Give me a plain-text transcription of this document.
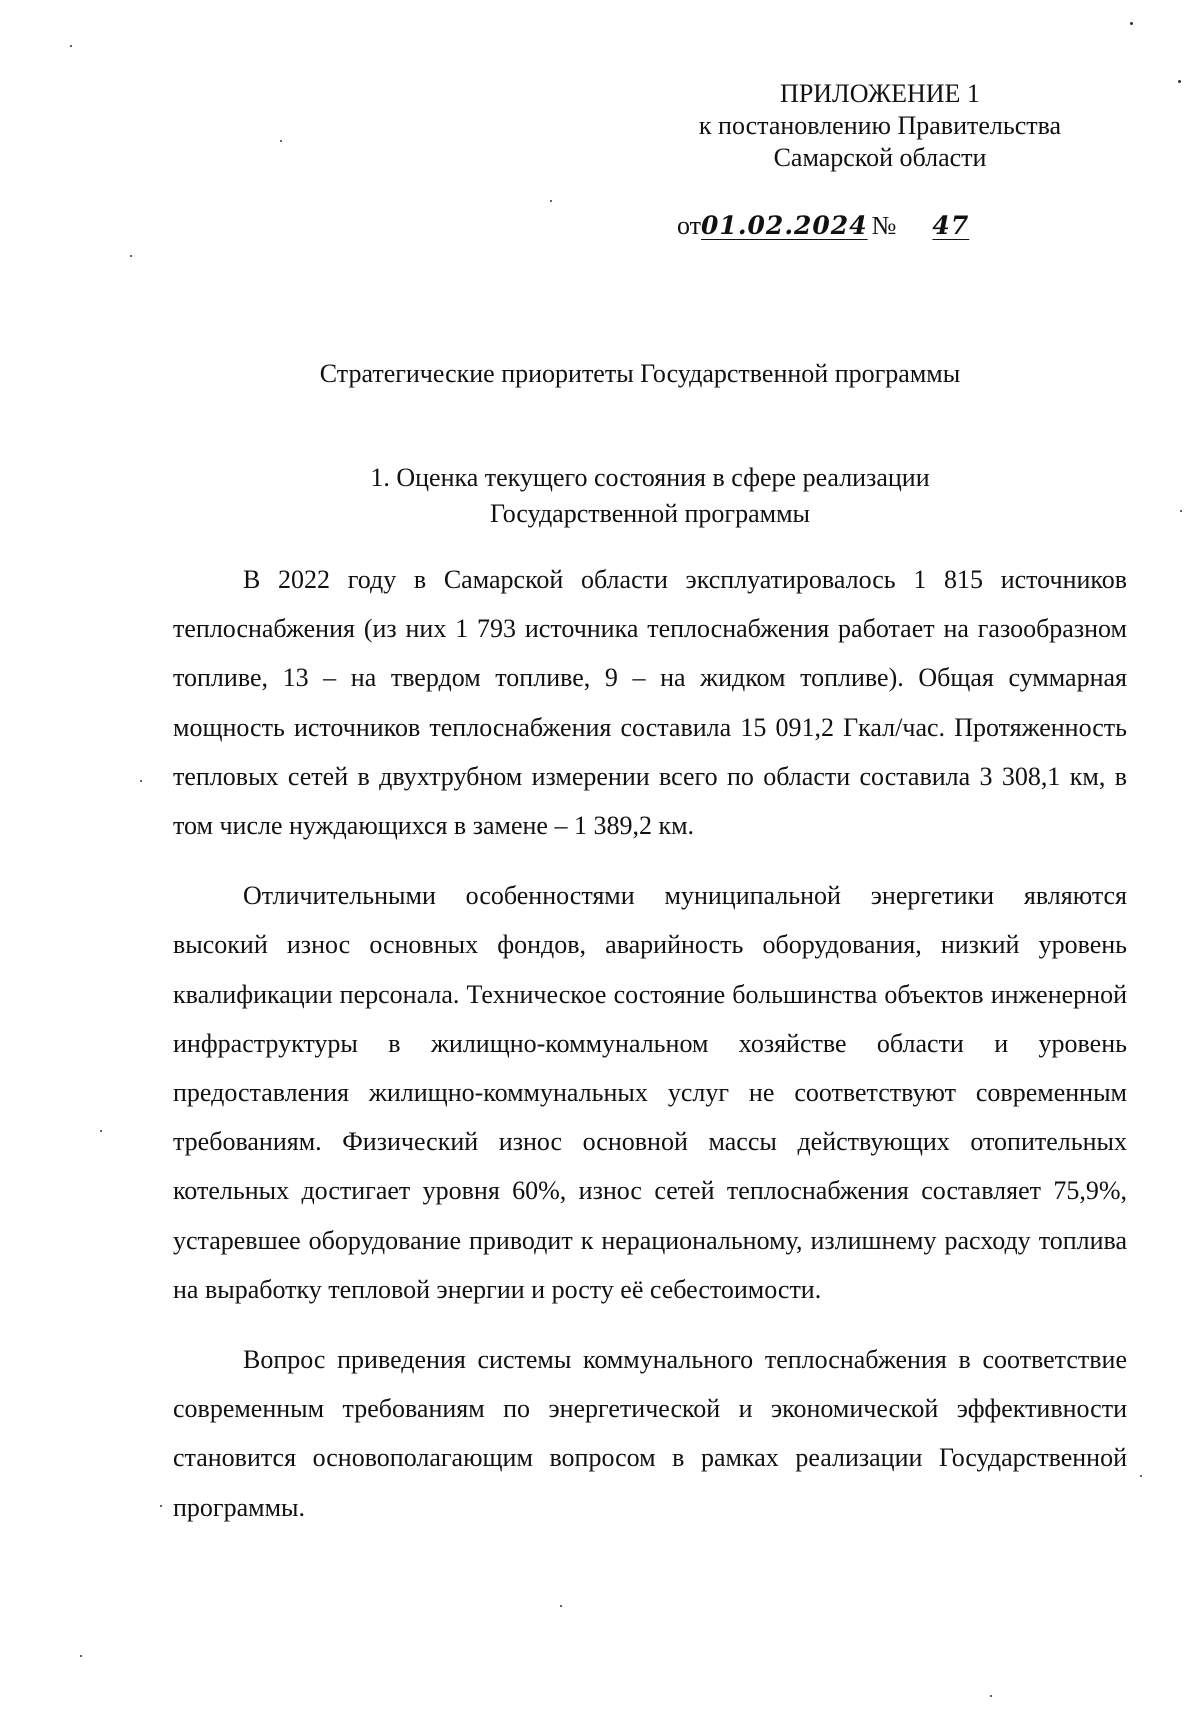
ПРИЛОЖЕНИЕ 1
к постановлению Правительства
Самарской области
от01.02.2024 № 47
Стратегические приоритеты Государственной программы
1. Оценка текущего состояния в сфере реализации
Государственной программы

В 2022 году в Самарской области эксплуатировалось 1 815 источников теплоснабжения (из них 1 793 источника теплоснабжения работает на газообразном топливе, 13 – на твердом топливе, 9 – на жидком топливе). Общая суммарная мощность источников теплоснабжения составила 15 091,2 Гкал/час. Протяженность тепловых сетей в двухтрубном измерении всего по области составила 3 308,1 км, в том числе нуждающихся в замене – 1 389,2 км.

Отличительными особенностями муниципальной энергетики являются высокий износ основных фондов, аварийность оборудования, низкий уровень квалификации персонала. Техническое состояние большинства объектов инженерной инфраструктуры в жилищно-коммунальном хозяйстве области и уровень предоставления жилищно-коммунальных услуг не соответствуют современным требованиям. Физический износ основной массы действующих отопительных котельных достигает уровня 60%, износ сетей теплоснабжения составляет 75,9%, устаревшее оборудование приводит к нерациональному, излишнему расходу топлива на выработку тепловой энергии и росту её себестоимости.

Вопрос приведения системы коммунального теплоснабжения в соответствие современным требованиям по энергетической и экономической эффективности становится основополагающим вопросом в рамках реализации Государственной программы.
